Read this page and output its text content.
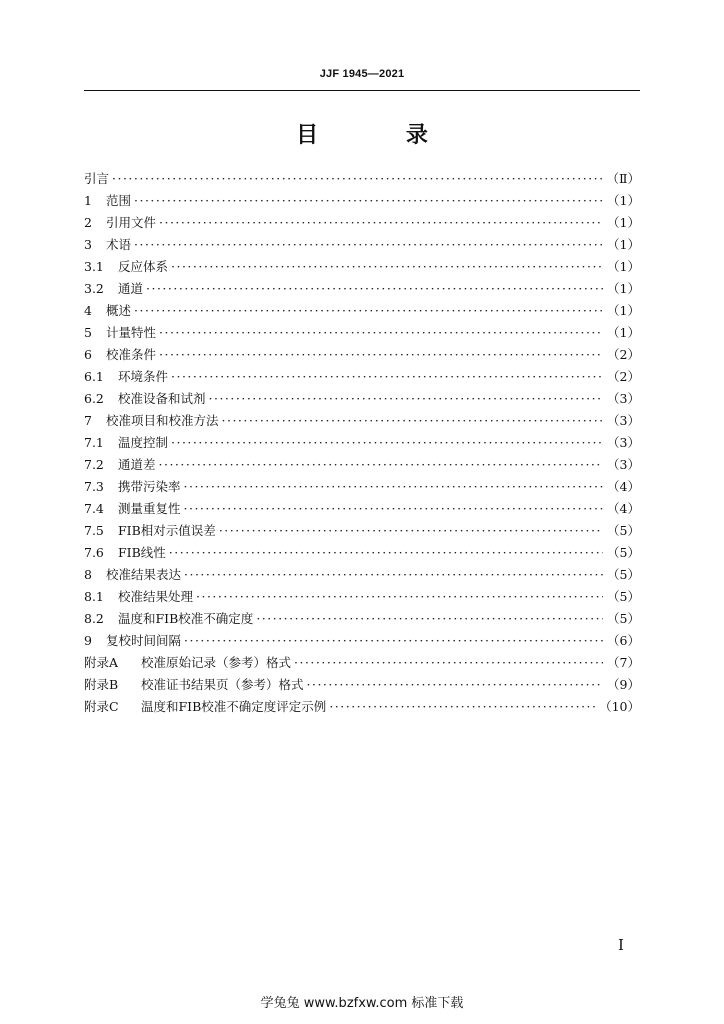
JJF 1945—2021
目 录
引言 ·····	（Ⅱ）
1	范围 ·····	（1）
2	引用文件 ·····	（1）
3	术语 ·····	（1）
3.1	反应体系 ·····	（1）
3.2	通道 ·····	（1）
4	概述 ·····	（1）
5	计量特性 ·····	（1）
6	校准条件 ·····	（2）
6.1	环境条件 ·····	（2）
6.2	校准设备和试剂 ·····	（3）
7	校准项目和校准方法 ·····	（3）
7.1	温度控制 ·····	（3）
7.2	通道差 ·····	（3）
7.3	携带污染率 ·····	（4）
7.4	测量重复性 ·····	（4）
7.5	FIB相对示值误差 ·····	（5）
7.6	FIB线性 ·····	（5）
8	校准结果表达 ·····	（5）
8.1	校准结果处理 ·····	（5）
8.2	温度和FIB校准不确定度 ·····	（5）
9	复校时间间隔 ·····	（6）
附录A	校准原始记录（参考）格式 ·····	（7）
附录B	校准证书结果页（参考）格式 ·····	（9）
附录C	温度和FIB校准不确定度评定示例 ·····	（10）
I
学兔兔 www.bzfxw.com 标准下载
